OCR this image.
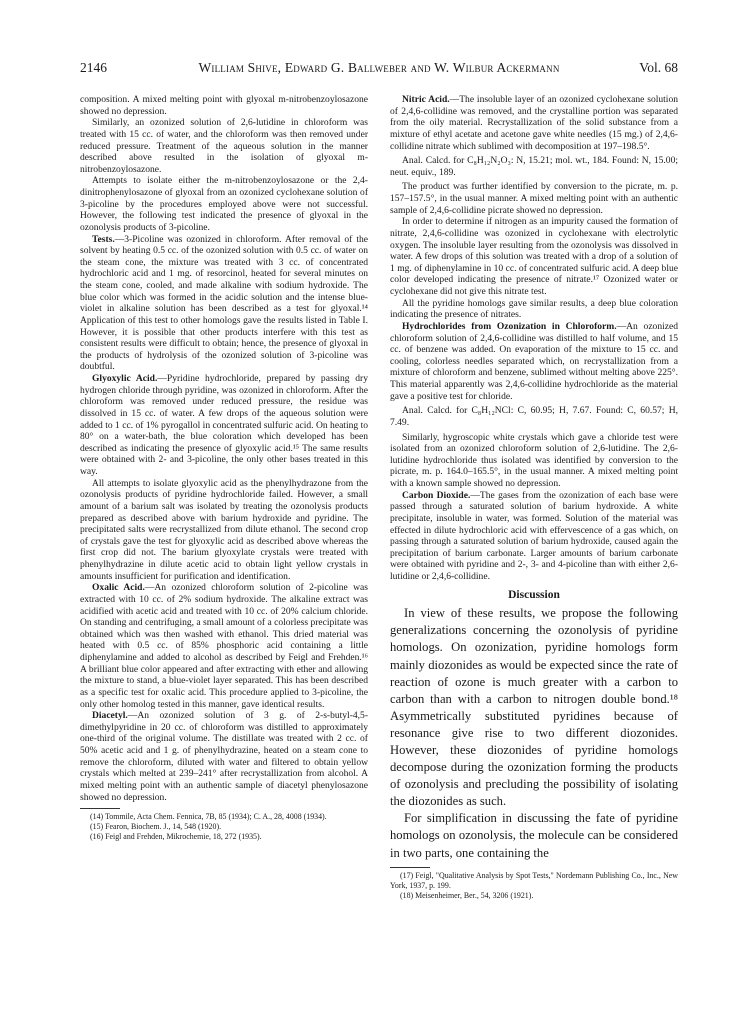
2146	William Shive, Edward G. Ballweber and W. Wilbur Ackermann	Vol. 68

composition. A mixed melting point with glyoxal m-nitrobenzoylosazone showed no depression.

Similarly, an ozonized solution of 2,6-lutidine in chloroform was treated with 15 cc. of water, and the chloroform was then removed under reduced pressure. Treatment of the aqueous solution in the manner described above resulted in the isolation of glyoxal m-nitrobenzoylosazone.

Attempts to isolate either the m-nitrobenzoylosazone or the 2,4-dinitrophenylosazone of glyoxal from an ozonized cyclohexane solution of 3-picoline by the procedures employed above were not successful. However, the following test indicated the presence of glyoxal in the ozonolysis products of 3-picoline.

Tests.—3-Picoline was ozonized in chloroform. After removal of the solvent by heating 0.5 cc. of the ozonized solution with 0.5 cc. of water on the steam cone, the mixture was treated with 3 cc. of concentrated hydrochloric acid and 1 mg. of resorcinol, heated for several minutes on the steam cone, cooled, and made alkaline with sodium hydroxide. The blue color which was formed in the acidic solution and the intense blue-violet in alkaline solution has been described as a test for glyoxal.¹⁴ Application of this test to other homologs gave the results listed in Table I. However, it is possible that other products interfere with this test as consistent results were difficult to obtain; hence, the presence of glyoxal in the products of hydrolysis of the ozonized solution of 3-picoline was doubtful.

Glyoxylic Acid.—Pyridine hydrochloride, prepared by passing dry hydrogen chloride through pyridine, was ozonized in chloroform. After the chloroform was removed under reduced pressure, the residue was dissolved in 15 cc. of water. A few drops of the aqueous solution were added to 1 cc. of 1% pyrogallol in concentrated sulfuric acid. On heating to 80° on a water-bath, the blue coloration which developed has been described as indicating the presence of glyoxylic acid.¹⁵ The same results were obtained with 2- and 3-picoline, the only other bases treated in this way.

All attempts to isolate glyoxylic acid as the phenylhydrazone from the ozonolysis products of pyridine hydrochloride failed. However, a small amount of a barium salt was isolated by treating the ozonolysis products prepared as described above with barium hydroxide and pyridine. The precipitated salts were recrystallized from dilute ethanol. The second crop of crystals gave the test for glyoxylic acid as described above whereas the first crop did not. The barium glyoxylate crystals were treated with phenylhydrazine in dilute acetic acid to obtain light yellow crystals in amounts insufficient for purification and identification.

Oxalic Acid.—An ozonized chloroform solution of 2-picoline was extracted with 10 cc. of 2% sodium hydroxide. The alkaline extract was acidified with acetic acid and treated with 10 cc. of 20% calcium chloride. On standing and centrifuging, a small amount of a colorless precipitate was obtained which was then washed with ethanol. This dried material was heated with 0.5 cc. of 85% phosphoric acid containing a little diphenylamine and added to alcohol as described by Feigl and Frehden.¹⁶ A brilliant blue color appeared and after extracting with ether and allowing the mixture to stand, a blue-violet layer separated. This has been described as a specific test for oxalic acid. This procedure applied to 3-picoline, the only other homolog tested in this manner, gave identical results.

Diacetyl.—An ozonized solution of 3 g. of 2-s-butyl-4,5-dimethylpyridine in 20 cc. of chloroform was distilled to approximately one-third of the original volume. The distillate was treated with 2 cc. of 50% acetic acid and 1 g. of phenylhydrazine, heated on a steam cone to remove the chloroform, diluted with water and filtered to obtain yellow crystals which melted at 239–241° after recrystallization from alcohol. A mixed melting point with an authentic sample of diacetyl phenylosazone showed no depression.

(14) Tommile, Acta Chem. Fennica, 7B, 85 (1934); C. A., 28, 4008 (1934).

(15) Fearon, Biochem. J., 14, 548 (1920).

(16) Feigl and Frehden, Mikrochemie, 18, 272 (1935).

Nitric Acid.—The insoluble layer of an ozonized cyclohexane solution of 2,4,6-collidine was removed, and the crystalline portion was separated from the oily material. Recrystallization of the solid substance from a mixture of ethyl acetate and acetone gave white needles (15 mg.) of 2,4,6-collidine nitrate which sublimed with decomposition at 197–198.5°.

Anal. Calcd. for C₈H₁₂N₂O₃: N, 15.21; mol. wt., 184. Found: N, 15.00; neut. equiv., 189.

The product was further identified by conversion to the picrate, m. p. 157–157.5°, in the usual manner. A mixed melting point with an authentic sample of 2,4,6-collidine picrate showed no depression.

In order to determine if nitrogen as an impurity caused the formation of nitrate, 2,4,6-collidine was ozonized in cyclohexane with electrolytic oxygen. The insoluble layer resulting from the ozonolysis was dissolved in water. A few drops of this solution was treated with a drop of a solution of 1 mg. of diphenylamine in 10 cc. of concentrated sulfuric acid. A deep blue color developed indicating the presence of nitrate.¹⁷ Ozonized water or cyclohexane did not give this nitrate test.

All the pyridine homologs gave similar results, a deep blue coloration indicating the presence of nitrates.

Hydrochlorides from Ozonization in Chloroform.—An ozonized chloroform solution of 2,4,6-collidine was distilled to half volume, and 15 cc. of benzene was added. On evaporation of the mixture to 15 cc. and cooling, colorless needles separated which, on recrystallization from a mixture of chloroform and benzene, sublimed without melting above 225°. This material apparently was 2,4,6-collidine hydrochloride as the material gave a positive test for chloride.

Anal. Calcd. for C₈H₁₂NCl: C, 60.95; H, 7.67. Found: C, 60.57; H, 7.49.

Similarly, hygroscopic white crystals which gave a chloride test were isolated from an ozonized chloroform solution of 2,6-lutidine. The 2,6-lutidine hydrochloride thus isolated was identified by conversion to the picrate, m. p. 164.0–165.5°, in the usual manner. A mixed melting point with a known sample showed no depression.

Carbon Dioxide.—The gases from the ozonization of each base were passed through a saturated solution of barium hydroxide. A white precipitate, insoluble in water, was formed. Solution of the material was effected in dilute hydrochloric acid with effervescence of a gas which, on passing through a saturated solution of barium hydroxide, caused again the precipitation of barium carbonate. Larger amounts of barium carbonate were obtained with pyridine and 2-, 3- and 4-picoline than with either 2,6-lutidine or 2,4,6-collidine.

Discussion

In view of these results, we propose the following generalizations concerning the ozonolysis of pyridine homologs. On ozonization, pyridine homologs form mainly diozonides as would be expected since the rate of reaction of ozone is much greater with a carbon to carbon than with a carbon to nitrogen double bond.¹⁸ Asymmetrically substituted pyridines because of resonance give rise to two different diozonides. However, these diozonides of pyridine homologs decompose during the ozonization forming the products of ozonolysis and precluding the possibility of isolating the diozonides as such.

For simplification in discussing the fate of pyridine homologs on ozonolysis, the molecule can be considered in two parts, one containing the

(17) Feigl, "Qualitative Analysis by Spot Tests," Nordemann Publishing Co., Inc., New York, 1937, p. 199.

(18) Meisenheimer, Ber., 54, 3206 (1921).
